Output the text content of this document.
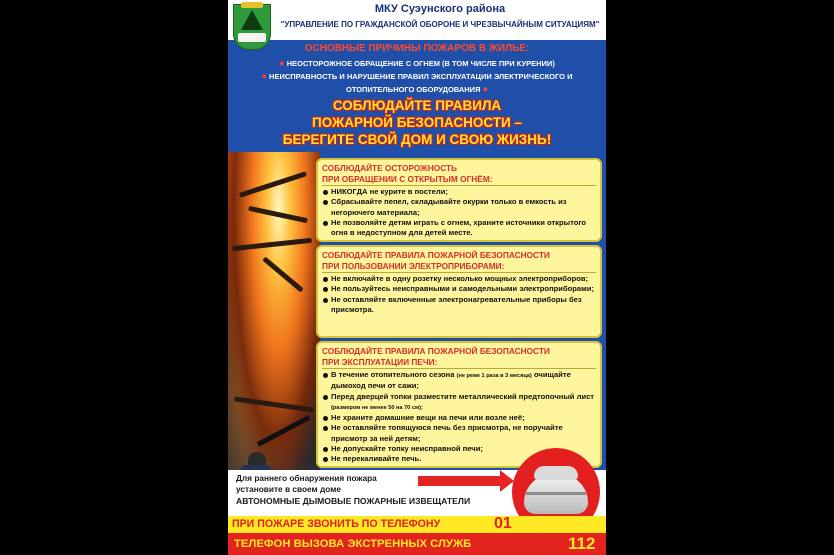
МКУ Суэунского района
"УПРАВЛЕНИЕ ПО ГРАЖДАНСКОЙ ОБОРОНЕ И ЧРЕЗВЫЧАЙНЫМ СИТУАЦИЯМ"
ОСНОВНЫЕ ПРИЧИНЫ ПОЖАРОВ В ЖИЛЬЕ:
● НЕОСТОРОЖНОЕ ОБРАЩЕНИЕ С ОГНЕМ (В ТОМ ЧИСЛЕ ПРИ КУРЕНИИ)
● НЕИСПРАВНОСТЬ И НАРУШЕНИЕ ПРАВИЛ ЭКСПЛУАТАЦИИ ЭЛЕКТРИЧЕСКОГО И ОТОПИТЕЛЬНОГО ОБОРУДОВАНИЯ ●
СОБЛЮДАЙТЕ ПРАВИЛА
ПОЖАРНОЙ БЕЗОПАСНОСТИ –
БЕРЕГИТЕ СВОЙ ДОМ И СВОЮ ЖИЗНЬ!
СОБЛЮДАЙТЕ ОСТОРОЖНОСТЬ
ПРИ ОБРАЩЕНИИ С ОТКРЫТЫМ ОГНЁМ:
НИКОГДА не курите в постели;
Сбрасывайте пепел, складывайте окурки только в емкость из негорючего материала;
Не позволяйте детям играть с огнем, храните источники открытого огня в недоступном для детей месте.
СОБЛЮДАЙТЕ ПРАВИЛА ПОЖАРНОЙ БЕЗОПАСНОСТИ
ПРИ ПОЛЬЗОВАНИИ ЭЛЕКТРОПРИБОРАМИ:
Не включайте в одну розетку несколько мощных электроприборов;
Не пользуйтесь неисправными и самодельными электроприборами;
Не оставляйте включенные электронагревательные приборы без присмотра.
СОБЛЮДАЙТЕ ПРАВИЛА ПОЖАРНОЙ БЕЗОПАСНОСТИ
ПРИ ЭКСПЛУАТАЦИИ ПЕЧИ:
В течение отопительного сезона (не реже 1 раза в 3 месяца) очищайте дымоход печи от сажи;
Перед дверцей топки разместите металлический предтопочный лист (размером не менее 50 на 70 см);
Не храните домашние вещи на печи или возле неё;
Не оставляйте топящуюся печь без присмотра, не поручайте присмотр за ней детям;
Не допускайте топку неисправной печи;
Не перекаливайте печь.
Для раннего обнаружения пожара
установите в своем доме
АВТОНОМНЫЕ ДЫМОВЫЕ ПОЖАРНЫЕ ИЗВЕЩАТЕЛИ
ПРИ ПОЖАРЕ ЗВОНИТЬ ПО ТЕЛЕФОНУ	01
ТЕЛЕФОН ВЫЗОВА ЭКСТРЕННЫХ СЛУЖБ	112
